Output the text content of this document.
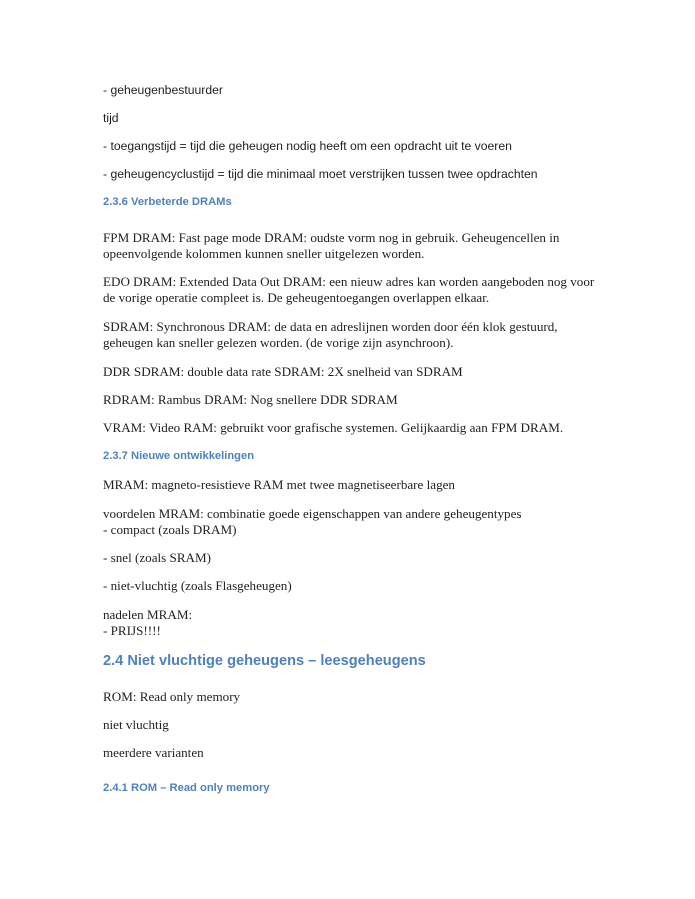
- geheugenbestuurder

tijd

- toegangstijd = tijd die geheugen nodig heeft om een opdracht uit te voeren

- geheugencyclustijd = tijd die minimaal moet verstrijken tussen twee opdrachten

2.3.6 Verbeterde DRAMs

FPM DRAM: Fast page mode DRAM: oudste vorm nog in gebruik. Geheugencellen in

opeenvolgende kolommen kunnen sneller uitgelezen worden.

EDO DRAM: Extended Data Out DRAM: een nieuw adres kan worden aangeboden nog voor

de vorige operatie compleet is. De geheugentoegangen overlappen elkaar.

SDRAM: Synchronous DRAM: de data en adreslijnen worden door één klok gestuurd,

geheugen kan sneller gelezen worden. (de vorige zijn asynchroon).

DDR SDRAM: double data rate SDRAM: 2X snelheid van SDRAM

RDRAM: Rambus DRAM: Nog snellere DDR SDRAM

VRAM: Video RAM: gebruikt voor grafische systemen. Gelijkaardig aan FPM DRAM.

2.3.7 Nieuwe ontwikkelingen

MRAM: magneto-resistieve RAM met twee magnetiseerbare lagen

voordelen MRAM: combinatie goede eigenschappen van andere geheugentypes

- compact (zoals DRAM)

- snel (zoals SRAM)

- niet-vluchtig (zoals Flasgeheugen)

nadelen MRAM:

- PRIJS!!!!

2.4 Niet vluchtige geheugens – leesgeheugens

ROM: Read only memory

niet vluchtig

meerdere varianten

2.4.1 ROM – Read only memory
